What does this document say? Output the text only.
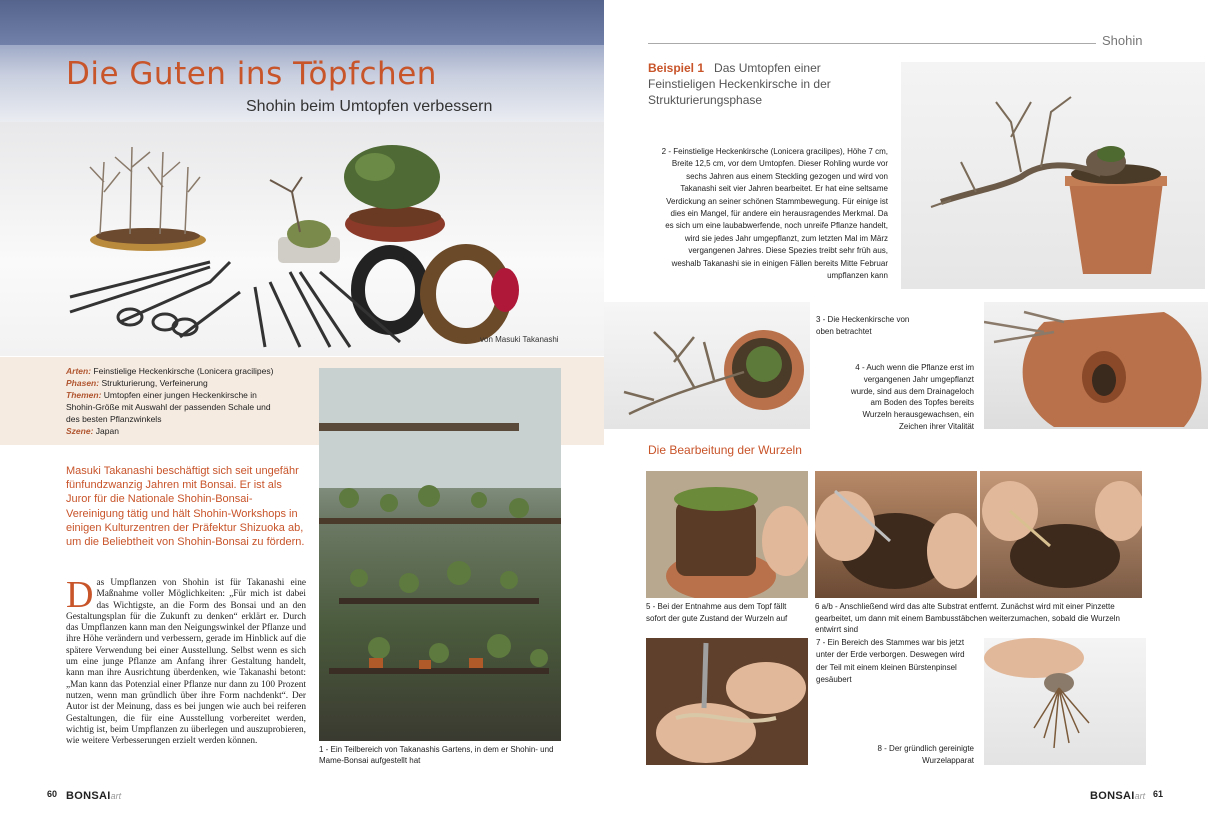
Die Guten ins Töpfchen
Shohin beim Umtopfen verbessern
von Masuki Takanashi
Arten: Feinstielige Heckenkirsche (Lonicera gracilipes)
Phasen: Strukturierung, Verfeinerung
Themen: Umtopfen einer jungen Heckenkirsche in
Shohin-Größe mit Auswahl der passenden Schale und
des besten Pflanzwinkels
Szene: Japan
1 - Ein Teilbereich von Takanashis Gartens, in dem er Shohin- und Mame-Bonsai aufgestellt hat
Masuki Takanashi beschäftigt sich seit ungefähr fünfundzwanzig Jahren mit Bonsai. Er ist als Juror für die Nationale Shohin-Bonsai-Vereinigung tätig und hält Shohin-Workshops in einigen Kulturzentren der Präfektur Shizuoka ab, um die Beliebtheit von Shohin-Bonsai zu fördern.
Das Umpflanzen von Shohin ist für Takanashi eine Maßnahme voller Möglichkeiten: „Für mich ist dabei das Wichtigste, an die Form des Bonsai und an den Gestaltungsplan für die Zukunft zu denken“ erklärt er. Durch das Umpflanzen kann man den Neigungswinkel der Pflanze und ihre Höhe verändern und verbessern, gerade im Hinblick auf die spätere Verwendung bei einer Ausstellung. Selbst wenn es sich um eine junge Pflanze am Anfang ihrer Gestaltung handelt, kann man ihre Ausrichtung überdenken, wie Takanashi betont: „Man kann das Potenzial einer Pflanze nur dann zu 100 Prozent nutzen, wenn man gründlich über ihre Form nachdenkt“. Der Autor ist der Meinung, dass es bei jungen wie auch bei reiferen Gestaltungen, die für eine Ausstellung vorbereitet werden, wichtig ist, beim Umpflanzen zu überlegen und auszuprobieren, wie weitere Verbesserungen erzielt werden können.
60 BONSAIart
Shohin
Beispiel 1 Das Umtopfen einer Feinstieligen Heckenkirsche in der Strukturierungsphase
2 - Feinstielige Heckenkirsche (Lonicera gracilipes), Höhe 7 cm, Breite 12,5 cm, vor dem Umtopfen. Dieser Rohling wurde vor sechs Jahren aus einem Steckling gezogen und wird von Takanashi seit vier Jahren bearbeitet. Er hat eine seltsame Verdickung an seiner schönen Stammbewegung. Für einige ist dies ein Mangel, für andere ein herausragendes Merkmal. Da es sich um eine laubabwerfende, noch unreife Pflanze handelt, wird sie jedes Jahr umgepflanzt, zum letzten Mal im März vergangenen Jahres. Diese Spezies treibt sehr früh aus, weshalb Takanashi sie in einigen Fällen bereits Mitte Februar umpflanzen kann
3 - Die Heckenkirsche von oben betrachtet
4 - Auch wenn die Pflanze erst im vergangenen Jahr umgepflanzt wurde, sind aus dem Drainageloch am Boden des Topfes bereits Wurzeln herausgewachsen, ein Zeichen ihrer Vitalität
Die Bearbeitung der Wurzeln
5 - Bei der Entnahme aus dem Topf fällt sofort der gute Zustand der Wurzeln auf
6 a/b - Anschließend wird das alte Substrat entfernt. Zunächst wird mit einer Pinzette gearbeitet, um dann mit einem Bambusstäbchen weiterzumachen, sobald die Wurzeln entwirrt sind
7 - Ein Bereich des Stammes war bis jetzt unter der Erde verborgen. Deswegen wird der Teil mit einem kleinen Bürstenpinsel gesäubert
8 - Der gründlich gereinigte Wurzelapparat
BONSAIart 61
